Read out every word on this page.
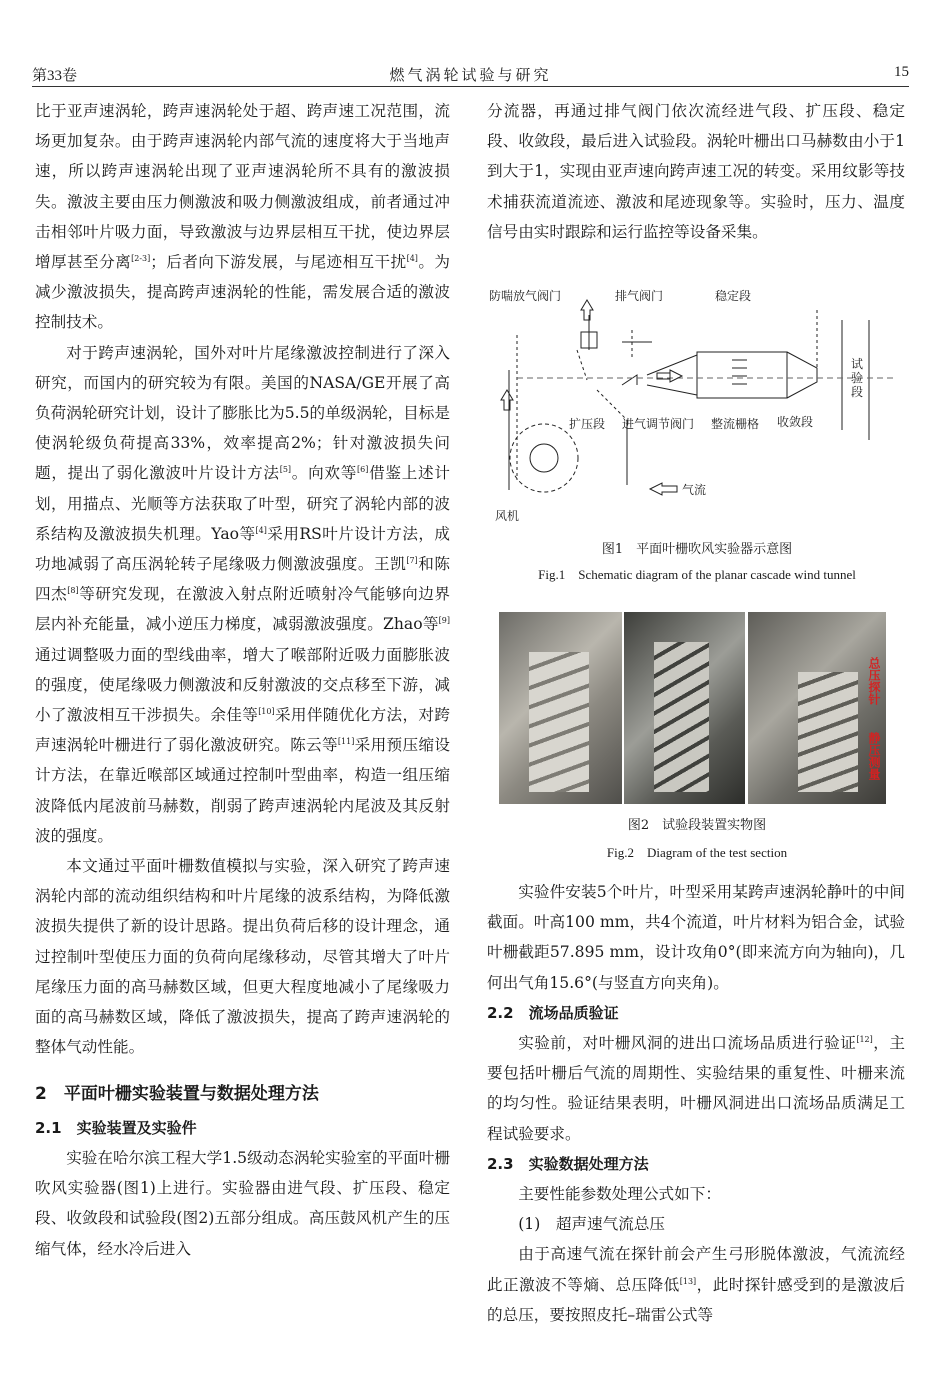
第33卷	燃气涡轮试验与研究	15

比于亚声速涡轮，跨声速涡轮处于超、跨声速工况范围，流场更加复杂。由于跨声速涡轮内部气流的速度将大于当地声速，所以跨声速涡轮出现了亚声速涡轮所不具有的激波损失。激波主要由压力侧激波和吸力侧激波组成，前者通过冲击相邻叶片吸力面，导致激波与边界层相互干扰，使边界层增厚甚至分离[2-3]；后者向下游发展，与尾迹相互干扰[4]。为减少激波损失，提高跨声速涡轮的性能，需发展合适的激波控制技术。

对于跨声速涡轮，国外对叶片尾缘激波控制进行了深入研究，而国内的研究较为有限。美国的NASA/GE开展了高负荷涡轮研究计划，设计了膨胀比为5.5的单级涡轮，目标是使涡轮级负荷提高33%，效率提高2%；针对激波损失问题，提出了弱化激波叶片设计方法[5]。向欢等[6]借鉴上述计划，用描点、光顺等方法获取了叶型，研究了涡轮内部的波系结构及激波损失机理。Yao等[4]采用RS叶片设计方法，成功地减弱了高压涡轮转子尾缘吸力侧激波强度。王凯[7]和陈四杰[8]等研究发现，在激波入射点附近喷射冷气能够向边界层内补充能量，减小逆压力梯度，减弱激波强度。Zhao等[9]通过调整吸力面的型线曲率，增大了喉部附近吸力面膨胀波的强度，使尾缘吸力侧激波和反射激波的交点移至下游，减小了激波相互干涉损失。余佳等[10]采用伴随优化方法，对跨声速涡轮叶栅进行了弱化激波研究。陈云等[11]采用预压缩设计方法，在靠近喉部区域通过控制叶型曲率，构造一组压缩波降低内尾波前马赫数，削弱了跨声速涡轮内尾波及其反射波的强度。

本文通过平面叶栅数值模拟与实验，深入研究了跨声速涡轮内部的流动组织结构和叶片尾缘的波系结构，为降低激波损失提供了新的设计思路。提出负荷后移的设计理念，通过控制叶型使压力面的负荷向尾缘移动，尽管其增大了叶片尾缘压力面的高马赫数区域，但更大程度地减小了尾缘吸力面的高马赫数区域，降低了激波损失，提高了跨声速涡轮的整体气动性能。

2　平面叶栅实验装置与数据处理方法

2.1　实验装置及实验件

实验在哈尔滨工程大学1.5级动态涡轮实验室的平面叶栅吹风实验器(图1)上进行。实验器由进气段、扩压段、稳定段、收敛段和试验段(图2)五部分组成。高压鼓风机产生的压缩气体，经水冷后进入

分流器，再通过排气阀门依次流经进气段、扩压段、稳定段、收敛段，最后进入试验段。涡轮叶栅出口马赫数由小于1到大于1，实现由亚声速向跨声速工况的转变。采用纹影等技术捕获流道流迹、激波和尾迹现象等。实验时，压力、温度信号由实时跟踪和运行监控等设备采集。

防喘放气阀门	排气阀门	稳定段
试
验
段
扩压段 进气调节阀门 整流栅格 收敛段
气流
风机
图1　平面叶栅吹风实验器示意图
Fig.1　Schematic diagram of the planar cascade wind tunnel
总压探针
静压测量
图2　试验段装置实物图
Fig.2　Diagram of the test section

实验件安装5个叶片，叶型采用某跨声速涡轮静叶的中间截面。叶高100 mm，共4个流道，叶片材料为铝合金，试验叶栅截距57.895 mm，设计攻角0°(即来流方向为轴向)，几何出气角15.6°(与竖直方向夹角)。

2.2　流场品质验证

实验前，对叶栅风洞的进出口流场品质进行验证[12]，主要包括叶栅后气流的周期性、实验结果的重复性、叶栅来流的均匀性。验证结果表明，叶栅风洞进出口流场品质满足工程试验要求。

2.3　实验数据处理方法

主要性能参数处理公式如下：

(1)　超声速气流总压

由于高速气流在探针前会产生弓形脱体激波，气流流经此正激波不等熵、总压降低[13]，此时探针感受到的是激波后的总压，要按照皮托–瑞雷公式等
